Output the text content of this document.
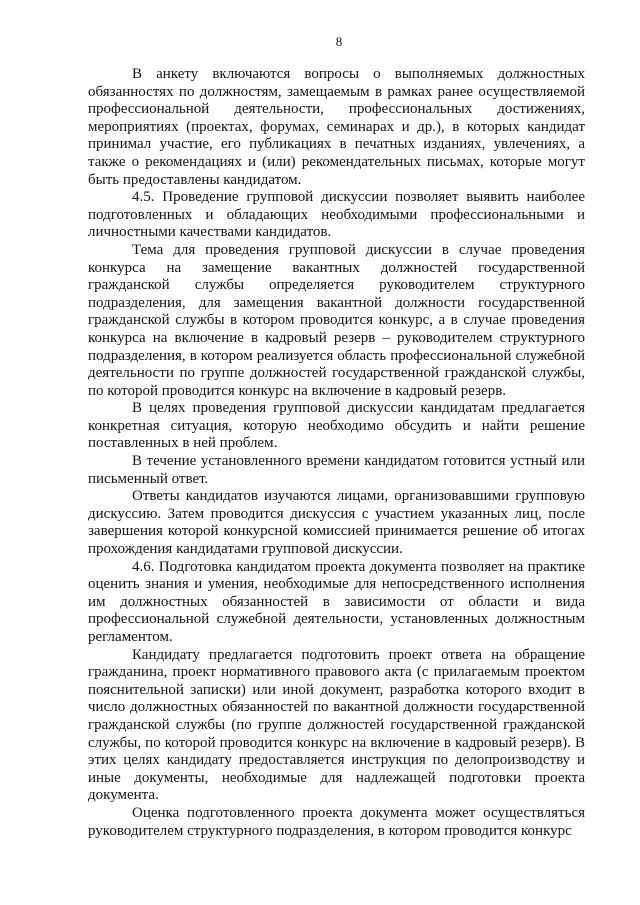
8

В анкету включаются вопросы о выполняемых должностных обязанностях по должностям, замещаемым в рамках ранее осуществляемой профессиональной деятельности, профессиональных достижениях, мероприятиях (проектах, форумах, семинарах и др.), в которых кандидат принимал участие, его публикациях в печатных изданиях, увлечениях, а также о рекомендациях и (или) рекомендательных письмах, которые могут быть предоставлены кандидатом.

4.5. Проведение групповой дискуссии позволяет выявить наиболее подготовленных и обладающих необходимыми профессиональными и личностными качествами кандидатов.

Тема для проведения групповой дискуссии в случае проведения конкурса на замещение вакантных должностей государственной гражданской службы определяется руководителем структурного подразделения, для замещения вакантной должности государственной гражданской службы в котором проводится конкурс, а в случае проведения конкурса на включение в кадровый резерв – руководителем структурного подразделения, в котором реализуется область профессиональной служебной деятельности по группе должностей государственной гражданской службы, по которой проводится конкурс на включение в кадровый резерв.

В целях проведения групповой дискуссии кандидатам предлагается конкретная ситуация, которую необходимо обсудить и найти решение поставленных в ней проблем.

В течение установленного времени кандидатом готовится устный или письменный ответ.

Ответы кандидатов изучаются лицами, организовавшими групповую дискуссию. Затем проводится дискуссия с участием указанных лиц, после завершения которой конкурсной комиссией принимается решение об итогах прохождения кандидатами групповой дискуссии.

4.6. Подготовка кандидатом проекта документа позволяет на практике оценить знания и умения, необходимые для непосредственного исполнения им должностных обязанностей в зависимости от области и вида профессиональной служебной деятельности, установленных должностным регламентом.

Кандидату предлагается подготовить проект ответа на обращение гражданина, проект нормативного правового акта (с прилагаемым проектом пояснительной записки) или иной документ, разработка которого входит в число должностных обязанностей по вакантной должности государственной гражданской службы (по группе должностей государственной гражданской службы, по которой проводится конкурс на включение в кадровый резерв). В этих целях кандидату предоставляется инструкция по делопроизводству и иные документы, необходимые для надлежащей подготовки проекта документа.

Оценка подготовленного проекта документа может осуществляться руководителем структурного подразделения, в котором проводится конкурс
